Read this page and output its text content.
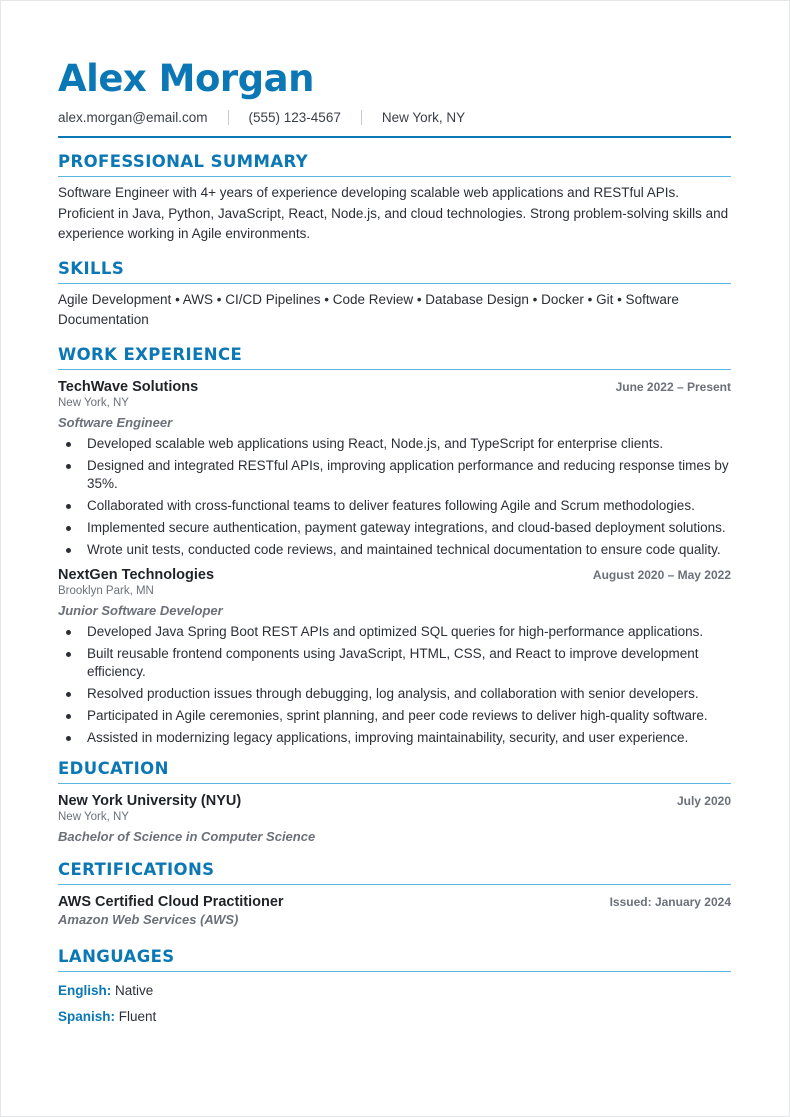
Alex Morgan
alex.morgan@email.com	(555) 123-4567	New York, NY
PROFESSIONAL SUMMARY
Software Engineer with 4+ years of experience developing scalable web applications and RESTful APIs. Proficient in Java, Python, JavaScript, React, Node.js, and cloud technologies. Strong problem-solving skills and experience working in Agile environments.
SKILLS
Agile Development • AWS • CI/CD Pipelines • Code Review • Database Design • Docker • Git • Software Documentation
WORK EXPERIENCE
TechWave Solutions	June 2022 – Present
New York, NY
Software Engineer
Developed scalable web applications using React, Node.js, and TypeScript for enterprise clients.
Designed and integrated RESTful APIs, improving application performance and reducing response times by 35%.
Collaborated with cross-functional teams to deliver features following Agile and Scrum methodologies.
Implemented secure authentication, payment gateway integrations, and cloud-based deployment solutions.
Wrote unit tests, conducted code reviews, and maintained technical documentation to ensure code quality.
NextGen Technologies	August 2020 – May 2022
Brooklyn Park, MN
Junior Software Developer
Developed Java Spring Boot REST APIs and optimized SQL queries for high-performance applications.
Built reusable frontend components using JavaScript, HTML, CSS, and React to improve development efficiency.
Resolved production issues through debugging, log analysis, and collaboration with senior developers.
Participated in Agile ceremonies, sprint planning, and peer code reviews to deliver high-quality software.
Assisted in modernizing legacy applications, improving maintainability, security, and user experience.
EDUCATION
New York University (NYU)	July 2020
New York, NY
Bachelor of Science in Computer Science
CERTIFICATIONS
AWS Certified Cloud Practitioner	Issued: January 2024
Amazon Web Services (AWS)
LANGUAGES
English: Native
Spanish: Fluent
